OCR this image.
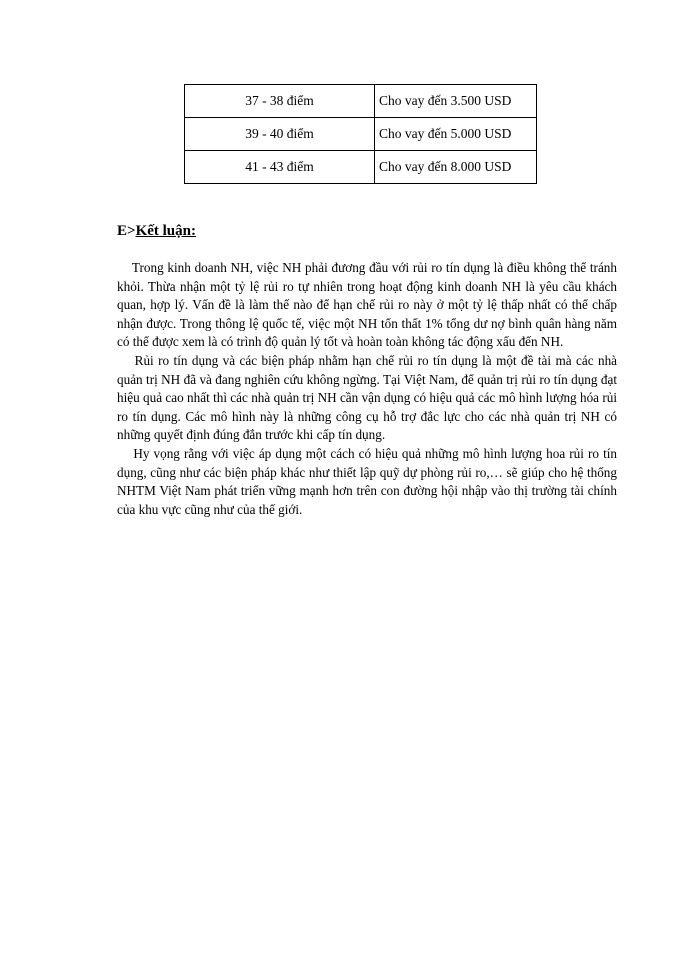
37 - 38 điểm	Cho vay đến 3.500 USD
39 - 40 điểm	Cho vay đến 5.000 USD
41 - 43 điểm	Cho vay đến 8.000 USD
E>Kết luận:

Trong kinh doanh NH, việc NH phải đương đầu với rủi ro tín dụng là điều không thể tránh khỏi. Thừa nhận một tỷ lệ rủi ro tự nhiên trong hoạt động kinh doanh NH là yêu cầu khách quan, hợp lý. Vấn đề là làm thế nào để hạn chế rủi ro này ở một tỷ lệ thấp nhất có thể chấp nhận được. Trong thông lệ quốc tế, việc một NH tổn thất 1% tổng dư nợ bình quân hàng năm có thể được xem là có trình độ quản lý tốt và hoàn toàn không tác động xấu đến NH.

Rủi ro tín dụng và các biện pháp nhằm hạn chế rủi ro tín dụng là một đề tài mà các nhà quản trị NH đã và đang nghiên cứu không ngừng. Tại Việt Nam, để quản trị rủi ro tín dụng đạt hiệu quả cao nhất thì các nhà quản trị NH cần vận dụng có hiệu quả các mô hình lượng hóa rủi ro tín dụng. Các mô hình này là những công cụ hỗ trợ đắc lực cho các nhà quản trị NH có những quyết định đúng đắn trước khi cấp tín dụng.

Hy vọng rằng với việc áp dụng một cách có hiệu quả những mô hình lượng hoa rủi ro tín dụng, cũng như các biện pháp khác như thiết lập quỹ dự phòng rủi ro,… sẽ giúp cho hệ thống NHTM Việt Nam phát triển vững mạnh hơn trên con đường hội nhập vào thị trường tài chính của khu vực cũng như của thế giới.
